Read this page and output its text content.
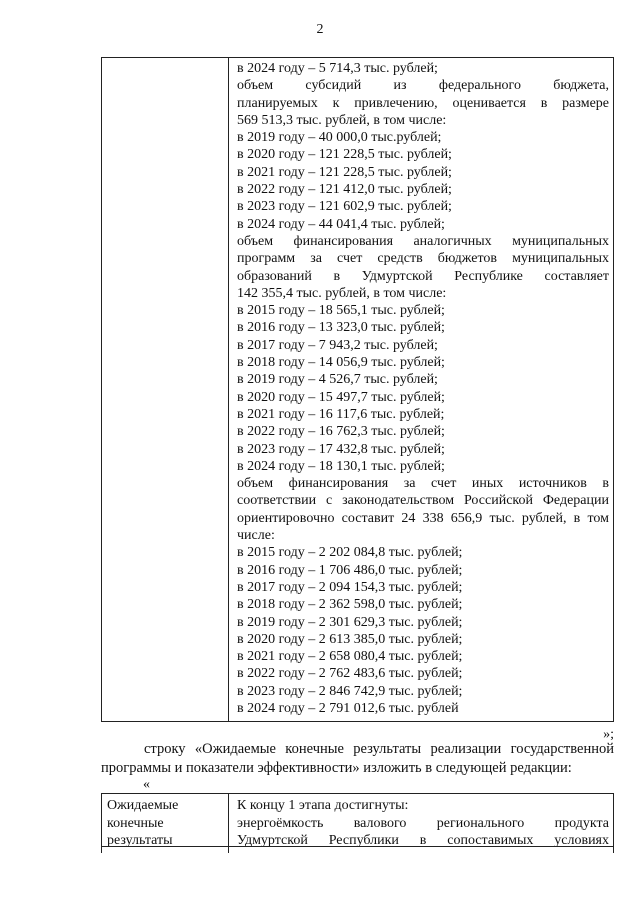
2
в 2024 году – 5 714,3 тыс. рублей;
объем субсидий из федерального бюджета,
планируемых к привлечению, оценивается в размере
569 513,3 тыс. рублей, в том числе:
в 2019 году – 40 000,0 тыс.рублей;
в 2020 году – 121 228,5 тыс. рублей;
в 2021 году – 121 228,5 тыс. рублей;
в 2022 году – 121 412,0 тыс. рублей;
в 2023 году – 121 602,9 тыс. рублей;
в 2024 году – 44 041,4 тыс. рублей;
объем финансирования аналогичных муниципальных
программ за счет средств бюджетов муниципальных
образований в Удмуртской Республике составляет
142 355,4 тыс. рублей, в том числе:
в 2015 году – 18 565,1 тыс. рублей;
в 2016 году – 13 323,0 тыс. рублей;
в 2017 году – 7 943,2 тыс. рублей;
в 2018 году – 14 056,9 тыс. рублей;
в 2019 году – 4 526,7 тыс. рублей;
в 2020 году – 15 497,7 тыс. рублей;
в 2021 году – 16 117,6 тыс. рублей;
в 2022 году – 16 762,3 тыс. рублей;
в 2023 году – 17 432,8 тыс. рублей;
в 2024 году – 18 130,1 тыс. рублей;
объем финансирования за счет иных источников в
соответствии с законодательством Российской Федерации
ориентировочно составит 24 338 656,9 тыс. рублей, в том
числе:
в 2015 году – 2 202 084,8 тыс. рублей;
в 2016 году – 1 706 486,0 тыс. рублей;
в 2017 году – 2 094 154,3 тыс. рублей;
в 2018 году – 2 362 598,0 тыс. рублей;
в 2019 году – 2 301 629,3 тыс. рублей;
в 2020 году – 2 613 385,0 тыс. рублей;
в 2021 году – 2 658 080,4 тыс. рублей;
в 2022 году – 2 762 483,6 тыс. рублей;
в 2023 году – 2 846 742,9 тыс. рублей;
в 2024 году – 2 791 012,6 тыс. рублей
»;
строку «Ожидаемые конечные результаты реализации государственной программы и показатели эффективности» изложить в следующей редакции:
«
Ожидаемые
конечные
результаты
К концу 1 этапа достигнуты:
энергоёмкость валового регионального продукта
Удмуртской Республики в сопоставимых условиях
